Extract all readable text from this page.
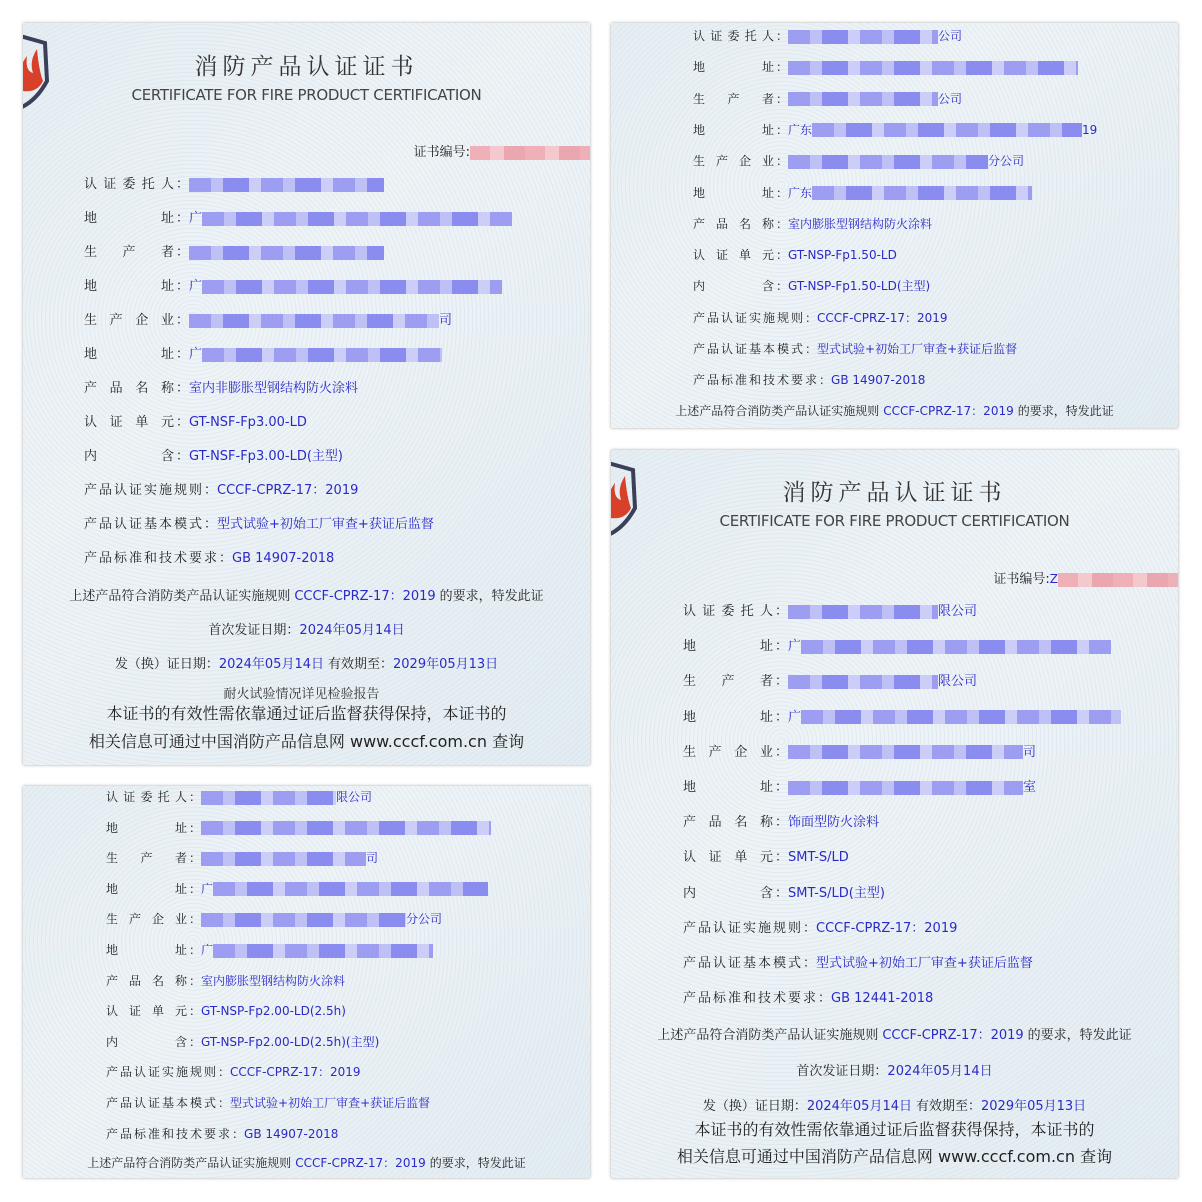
消防产品认证证书
CERTIFICATE FOR FIRE PRODUCT CERTIFICATION
证书编号:
认证委托人：
地址：广
生产者：
地址：广
生产企业：	司
地址：广
产品名称：室内非膨胀型钢结构防火涂料
认证单元：GT-NSF-Fp3.00-LD
内含：GT-NSF-Fp3.00-LD(主型)
产品认证实施规则：CCCF-CPRZ-17：2019
产品认证基本模式：型式试验+初始工厂审查+获证后监督
产品标准和技术要求：GB 14907-2018
上述产品符合消防类产品认证实施规则 CCCF-CPRZ-17：2019 的要求，特发此证
首次发证日期：2024年05月14日
发（换）证日期：2024年05月14日 有效期至：2029年05月13日
耐火试验情况详见检验报告
本证书的有效性需依靠通过证后监督获得保持，本证书的
相关信息可通过中国消防产品信息网 www.cccf.com.cn 查询
认证委托人：	公司
地址：
生产者：	公司
地址：广东	19
生产企业：	分公司
地址：广东
产品名称：室内膨胀型钢结构防火涂料
认证单元：GT-NSP-Fp1.50-LD
内含：GT-NSP-Fp1.50-LD(主型)
产品认证实施规则：CCCF-CPRZ-17：2019
产品认证基本模式：型式试验+初始工厂审查+获证后监督
产品标准和技术要求：GB 14907-2018
上述产品符合消防类产品认证实施规则 CCCF-CPRZ-17：2019 的要求，特发此证
认证委托人：	限公司
地址：
生产者：	司
地址：广
生产企业：	分公司
地址：广
产品名称：室内膨胀型钢结构防火涂料
认证单元：GT-NSP-Fp2.00-LD(2.5h)
内含：GT-NSP-Fp2.00-LD(2.5h)(主型)
产品认证实施规则：CCCF-CPRZ-17：2019
产品认证基本模式：型式试验+初始工厂审查+获证后监督
产品标准和技术要求：GB 14907-2018
上述产品符合消防类产品认证实施规则 CCCF-CPRZ-17：2019 的要求，特发此证
消防产品认证证书
CERTIFICATE FOR FIRE PRODUCT CERTIFICATION
证书编号:Z
认证委托人：	限公司
地址：广
生产者：	限公司
地址：广
生产企业：	司
地址：	室
产品名称：饰面型防火涂料
认证单元：SMT-S/LD
内含：SMT-S/LD(主型)
产品认证实施规则：CCCF-CPRZ-17：2019
产品认证基本模式：型式试验+初始工厂审查+获证后监督
产品标准和技术要求：GB 12441-2018
上述产品符合消防类产品认证实施规则 CCCF-CPRZ-17：2019 的要求，特发此证
首次发证日期：2024年05月14日
发（换）证日期：2024年05月14日 有效期至：2029年05月13日
本证书的有效性需依靠通过证后监督获得保持，本证书的
相关信息可通过中国消防产品信息网 www.cccf.com.cn 查询
